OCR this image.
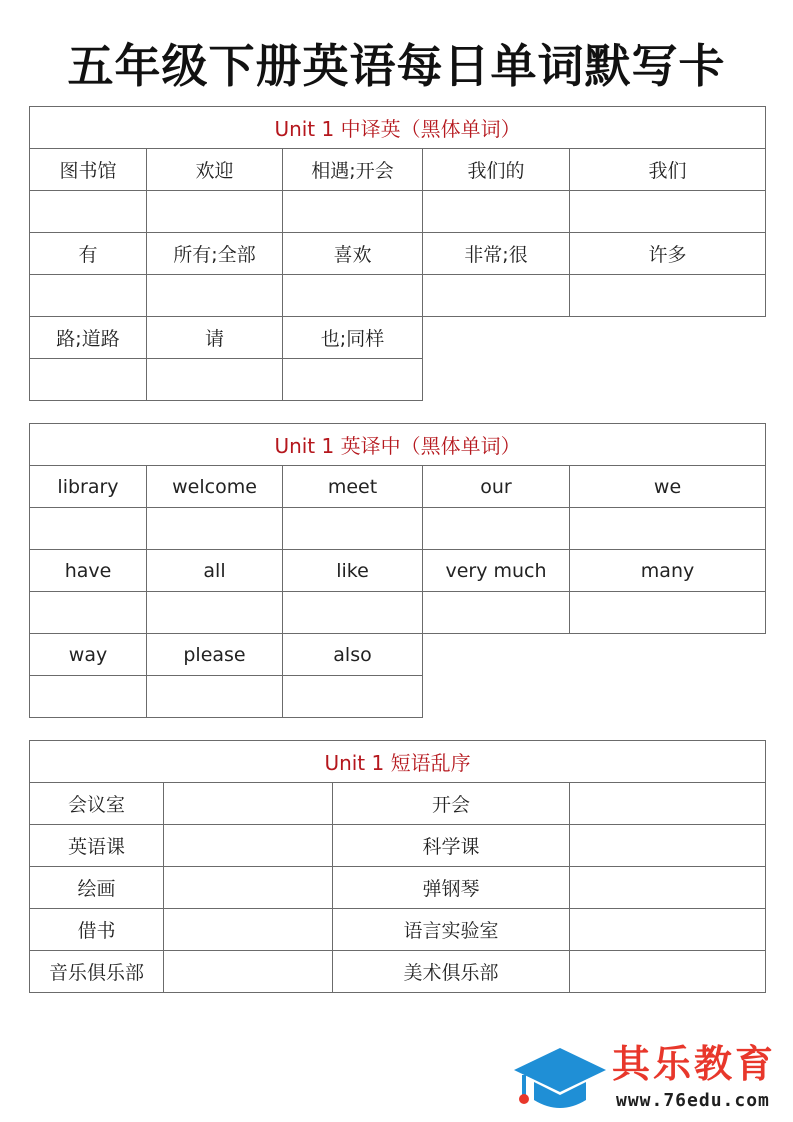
五年级下册英语每日单词默写卡
Unit 1 中译英（黑体单词）				
图书馆	欢迎	相遇;开会	我们的	我们

有	所有;全部	喜欢	非常;很	许多

路;道路	请	也;同样		

Unit 1 英译中（黑体单词）				
library	welcome	meet	our	we

have	all	like	very much	many

way	please	also		

Unit 1 短语乱序			
会议室		开会	
英语课		科学课	
绘画		弹钢琴	
借书		语言实验室	
音乐俱乐部		美术俱乐部	
其乐教育
www.76edu.com
